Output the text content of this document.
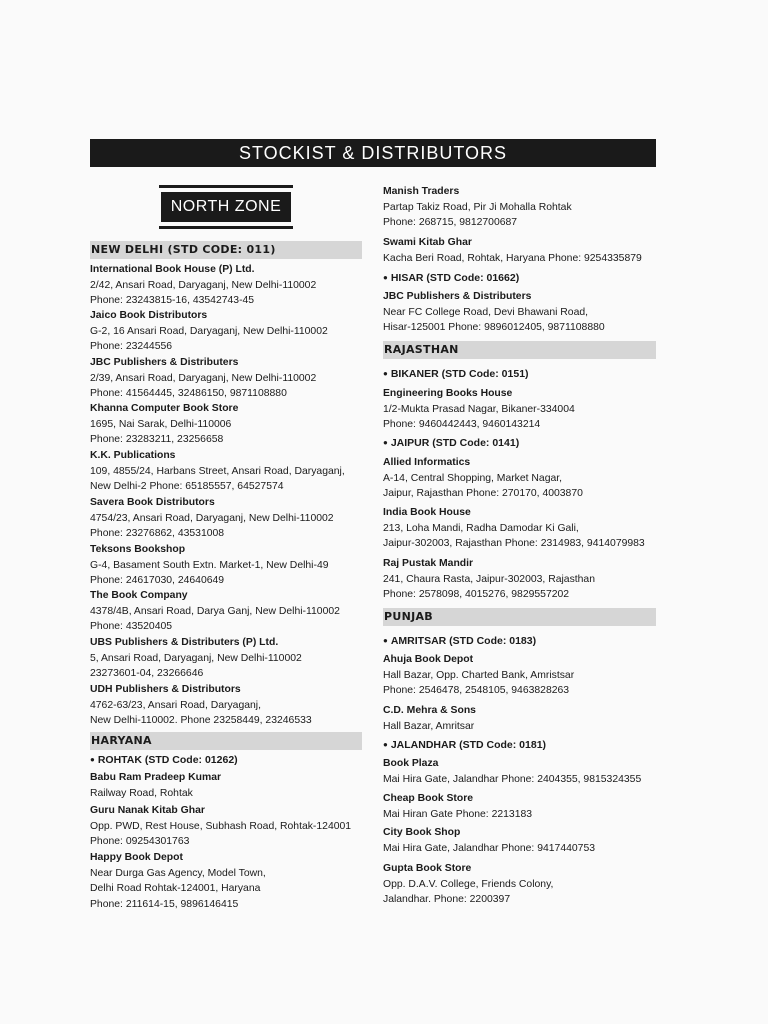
STOCKIST & DISTRIBUTORS
NORTH ZONE
NEW DELHI (STD CODE: 011)
International Book House (P) Ltd.
2/42, Ansari Road, Daryaganj, New Delhi-110002
Phone: 23243815-16, 43542743-45
Jaico Book Distributors
G-2, 16 Ansari Road, Daryaganj, New Delhi-110002
Phone: 23244556
JBC Publishers & Distributers
2/39, Ansari Road, Daryaganj, New Delhi-110002
Phone: 41564445, 32486150, 9871108880
Khanna Computer Book Store
1695, Nai Sarak, Delhi-110006
Phone: 23283211, 23256658
K.K. Publications
109, 4855/24, Harbans Street, Ansari Road, Daryaganj,
New Delhi-2 Phone: 65185557, 64527574
Savera Book Distributors
4754/23, Ansari Road, Daryaganj, New Delhi-110002
Phone: 23276862, 43531008
Teksons Bookshop
G-4, Basament South Extn. Market-1, New Delhi-49
Phone: 24617030, 24640649
The Book Company
4378/4B, Ansari Road, Darya Ganj, New Delhi-110002
Phone: 43520405
UBS Publishers & Distributers (P) Ltd.
5, Ansari Road, Daryaganj, New Delhi-110002
23273601-04, 23266646
UDH Publishers & Distributors
4762-63/23, Ansari Road, Daryaganj,
New Delhi-110002. Phone 23258449, 23246533
HARYANA
● ROHTAK (STD Code: 01262)
Babu Ram Pradeep Kumar
Railway Road, Rohtak
Guru Nanak Kitab Ghar
Opp. PWD, Rest House, Subhash Road, Rohtak-124001
Phone: 09254301763
Happy Book Depot
Near Durga Gas Agency, Model Town,
Delhi Road Rohtak-124001, Haryana
Phone: 211614-15, 9896146415
Manish Traders
Partap Takiz Road, Pir Ji Mohalla Rohtak
Phone: 268715, 9812700687
Swami Kitab Ghar
Kacha Beri Road, Rohtak, Haryana Phone: 9254335879
● HISAR (STD Code: 01662)
JBC Publishers & Distributers
Near FC College Road, Devi Bhawani Road,
Hisar-125001 Phone: 9896012405, 9871108880
RAJASTHAN
● BIKANER (STD Code: 0151)
Engineering Books House
1/2-Mukta Prasad Nagar, Bikaner-334004
Phone: 9460442443, 9460143214
● JAIPUR (STD Code: 0141)
Allied Informatics
A-14, Central Shopping, Market Nagar,
Jaipur, Rajasthan Phone: 270170, 4003870
India Book House
213, Loha Mandi, Radha Damodar Ki Gali,
Jaipur-302003, Rajasthan Phone: 2314983, 9414079983
Raj Pustak Mandir
241, Chaura Rasta, Jaipur-302003, Rajasthan
Phone: 2578098, 4015276, 9829557202
PUNJAB
● AMRITSAR (STD Code: 0183)
Ahuja Book Depot
Hall Bazar, Opp. Charted Bank, Amristsar
Phone: 2546478, 2548105, 9463828263
C.D. Mehra & Sons
Hall Bazar, Amritsar
● JALANDHAR (STD Code: 0181)
Book Plaza
Mai Hira Gate, Jalandhar Phone: 2404355, 9815324355
Cheap Book Store
Mai Hiran Gate Phone: 2213183
City Book Shop
Mai Hira Gate, Jalandhar Phone: 9417440753
Gupta Book Store
Opp. D.A.V. College, Friends Colony,
Jalandhar. Phone: 2200397
